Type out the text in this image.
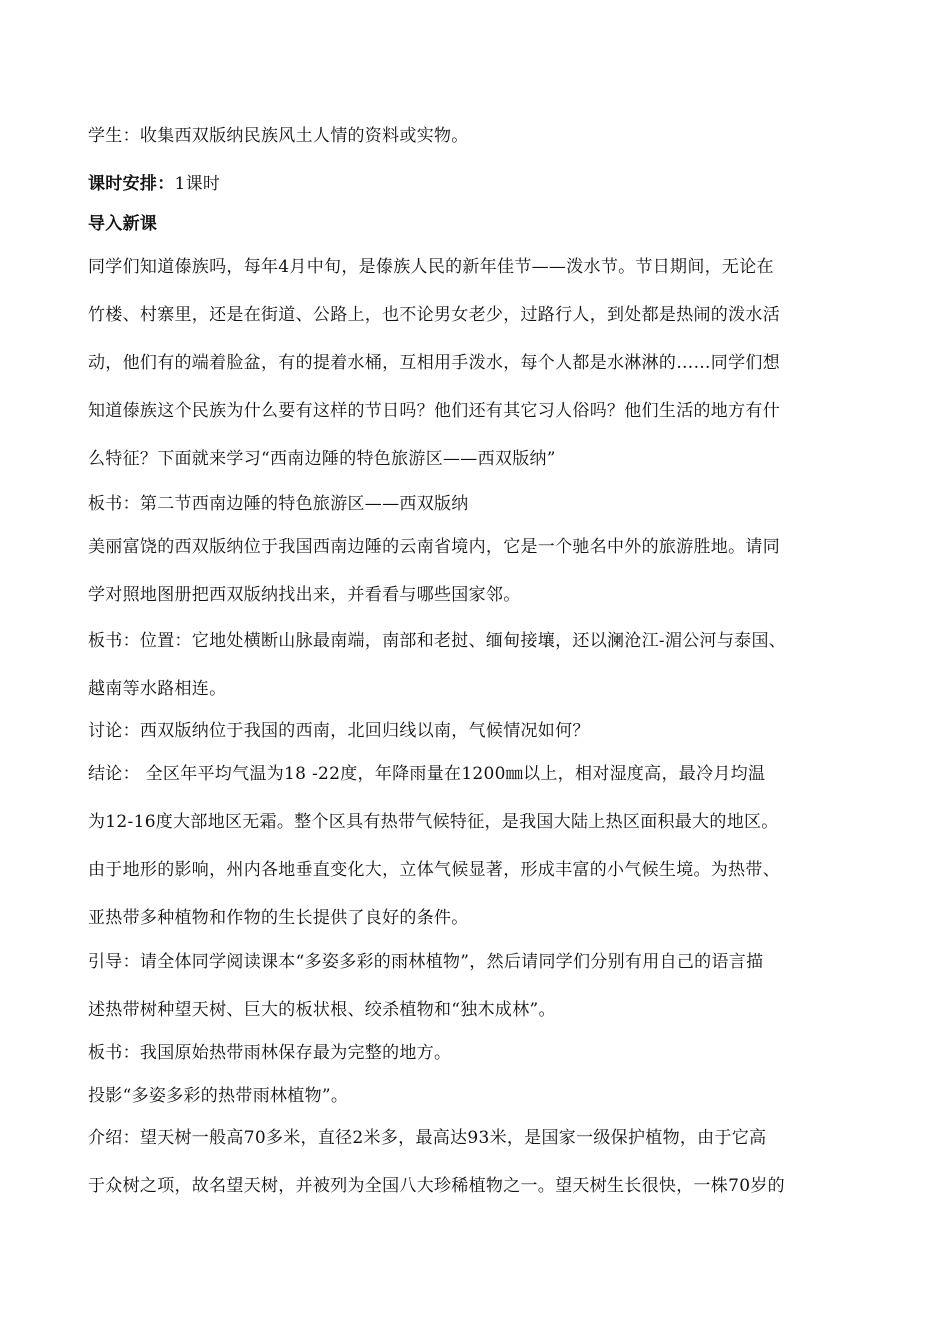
学生：收集西双版纳民族风土人情的资料或实物。
课时安排：1课时
导入新课
同学们知道傣族吗，每年4月中旬，是傣族人民的新年佳节——泼水节。节日期间，无论在
竹楼、村寨里，还是在街道、公路上，也不论男女老少，过路行人，到处都是热闹的泼水活
动，他们有的端着脸盆，有的提着水桶，互相用手泼水，每个人都是水淋淋的……同学们想
知道傣族这个民族为什么要有这样的节日吗？他们还有其它习人俗吗？他们生活的地方有什
么特征？下面就来学习“西南边陲的特色旅游区——西双版纳”
板书：第二节西南边陲的特色旅游区——西双版纳
美丽富饶的西双版纳位于我国西南边陲的云南省境内，它是一个驰名中外的旅游胜地。请同
学对照地图册把西双版纳找出来，并看看与哪些国家邻。
板书：位置：它地处横断山脉最南端，南部和老挝、缅甸接壤，还以澜沧江-湄公河与泰国、
越南等水路相连。
讨论：西双版纳位于我国的西南，北回归线以南，气候情况如何？
结论： 全区年平均气温为18 -22度，年降雨量在1200㎜以上，相对湿度高，最冷月均温
为12-16度大部地区无霜。整个区具有热带气候特征，是我国大陆上热区面积最大的地区。
由于地形的影响，州内各地垂直变化大，立体气候显著，形成丰富的小气候生境。为热带、
亚热带多种植物和作物的生长提供了良好的条件。
引导：请全体同学阅读课本“多姿多彩的雨林植物”，然后请同学们分别有用自己的语言描
述热带树种望天树、巨大的板状根、绞杀植物和“独木成林”。
板书：我国原始热带雨林保存最为完整的地方。
投影“多姿多彩的热带雨林植物”。
介绍：望天树一般高70多米，直径2米多，最高达93米，是国家一级保护植物，由于它高
于众树之项，故名望天树，并被列为全国八大珍稀植物之一。望天树生长很快，一株70岁的
